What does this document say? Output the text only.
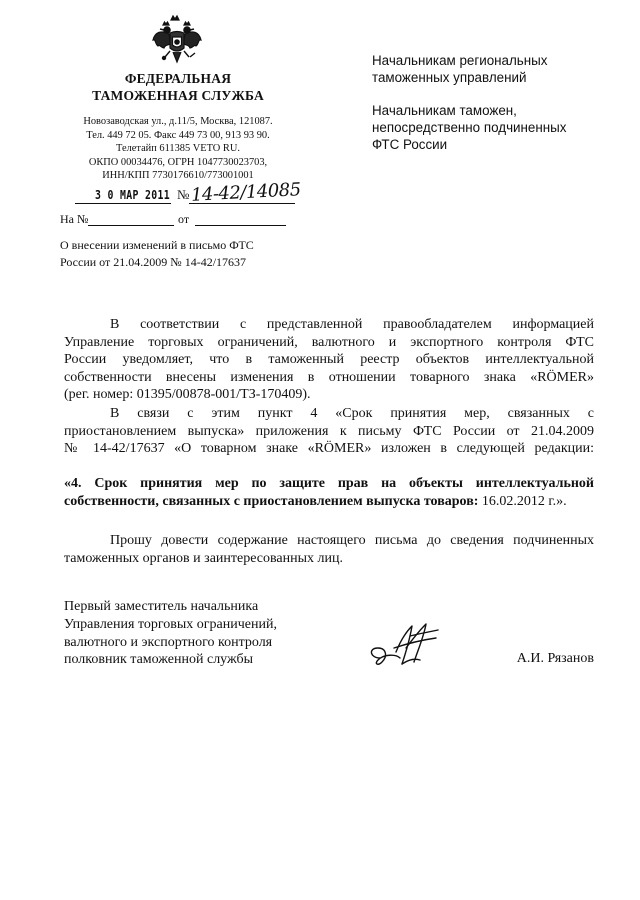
ФЕДЕРАЛЬНАЯ
ТАМОЖЕННАЯ СЛУЖБА
Новозаводская ул., д.11/5, Москва, 121087.
Тел. 449 72 05. Факс 449 73 00, 913 93 90.
Телетайп 611385 VETO RU.
ОКПО 00034476, ОГРН 1047730023703,
ИНН/КПП 7730176610/773001001
3 0 МАР 2011 № 14-42/14085
На №	от
О внесении изменений в письмо ФТС
России от 21.04.2009 № 14-42/17637
Начальникам региональных
таможенных управлений
Начальникам таможен,
непосредственно подчиненных
ФТС России
В соответствии с представленной правообладателем информацией
Управление торговых ограничений, валютного и экспортного контроля ФТС
России уведомляет, что в таможенный реестр объектов интеллектуальной
собственности внесены изменения в отношении товарного знака «RÖMER»
(рег. номер: 01395/00878-001/ТЗ-170409).
В связи с этим пункт 4 «Срок принятия мер, связанных с
приостановлением выпуска» приложения к письму ФТС России от 21.04.2009
№ 14-42/17637 «О товарном знаке «RÖMER» изложен в следующей редакции:
«4. Срок принятия мер по защите прав на объекты интеллектуальной
собственности, связанных с приостановлением выпуска товаров: 16.02.2012 г.».
Прошу довести содержание настоящего письма до сведения подчиненных
таможенных органов и заинтересованных лиц.
Первый заместитель начальника
Управления торговых ограничений,
валютного и экспортного контроля
полковник таможенной службы	А.И. Рязанов
